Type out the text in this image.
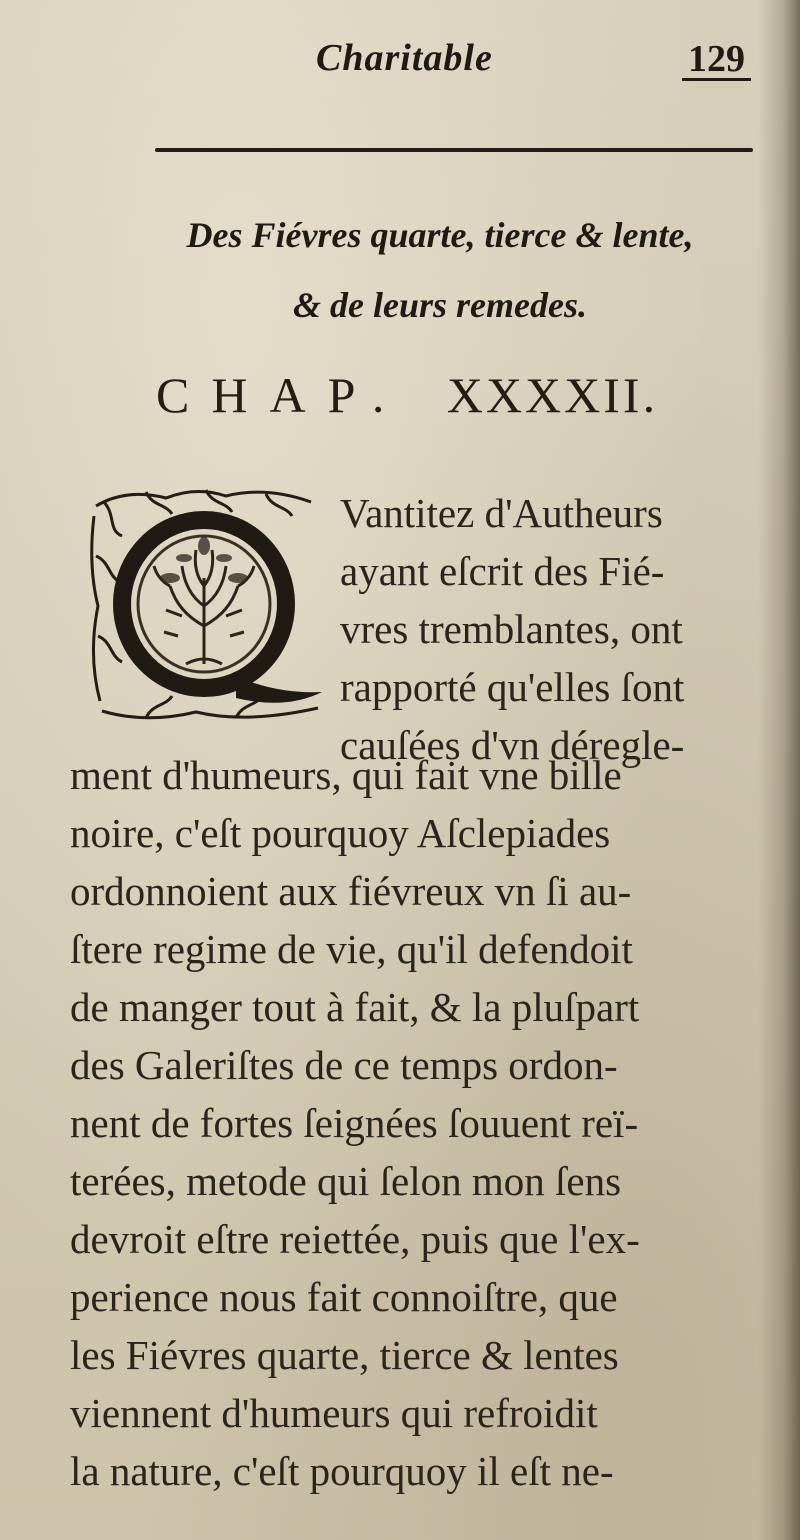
Charitable	129
Des Fiévres quarte, tierce & lente,
& de leurs remedes.
CHAP. XXXXII.
Vantitez d'Autheurs
ayant eſcrit des Fié-
vres tremblantes, ont
rapporté qu'elles ſont
cauſées d'vn déregle-
ment d'humeurs, qui fait vne bille
noire, c'eſt pourquoy Aſclepiades
ordonnoient aux fiévreux vn ſi au-
ſtere regime de vie, qu'il defendoit
de manger tout à fait, & la pluſpart
des Galeriſtes de ce temps ordon-
nent de fortes ſeignées ſouuent reï-
terées, metode qui ſelon mon ſens
devroit eſtre reiettée, puis que l'ex-
perience nous fait connoiſtre, que
les Fiévres quarte, tierce & lentes
viennent d'humeurs qui refroidit
la nature, c'eſt pourquoy il eſt ne-
